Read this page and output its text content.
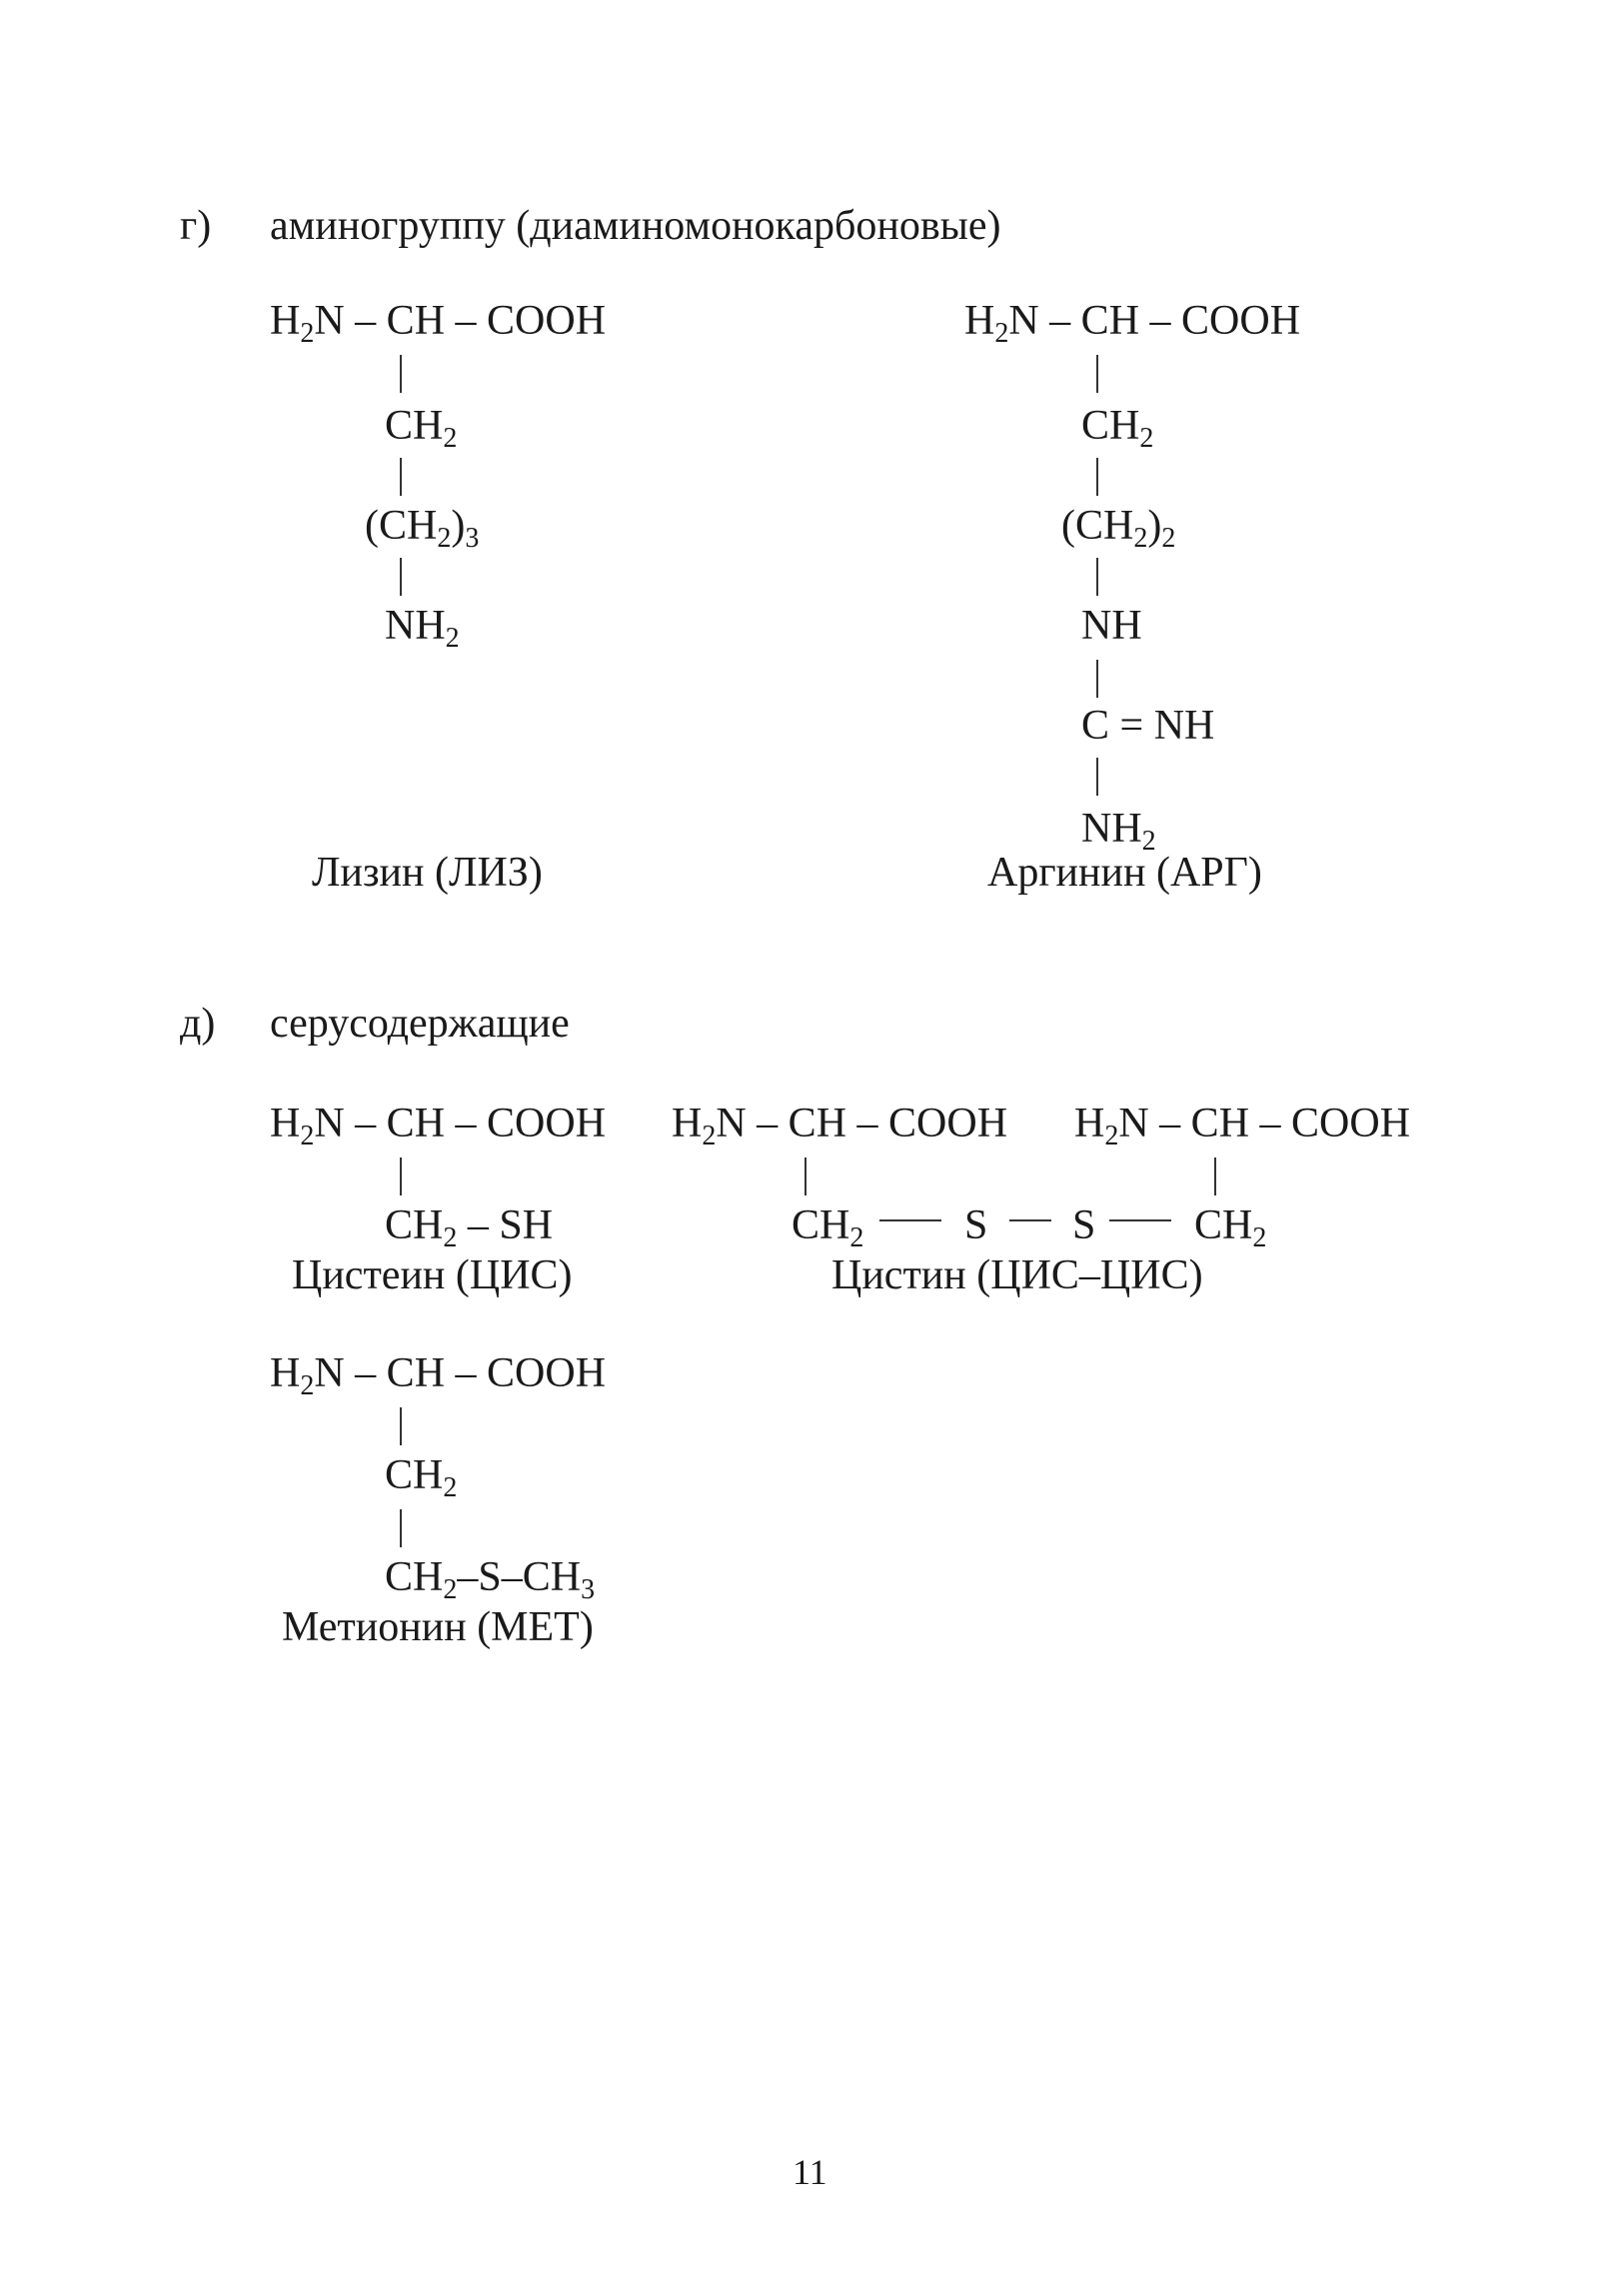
г) аминогруппу (диаминомонокарбоновые)
$H_2N$ – CH – COOH
$CH_2$
$(CH_2)_3$
$NH_2$
Лизин (ЛИЗ)
$H_2N$ – CH – COOH
$CH_2$
$(CH_2)_2$
NH
C = NH
$NH_2$
Аргинин (АРГ)
д) серусодержащие
$H_2N$ – CH – COOH
$CH_2$ – SH
Цистеин (ЦИС)
$H_2N$ – CH – COOH $H_2N$ – CH – COOH
$CH_2$ S S $CH_2$
Цистин (ЦИС–ЦИС)
$H_2N$ – CH – COOH
$CH_2$
$CH_2-S-CH_3$
Метионин (МЕТ)
11
